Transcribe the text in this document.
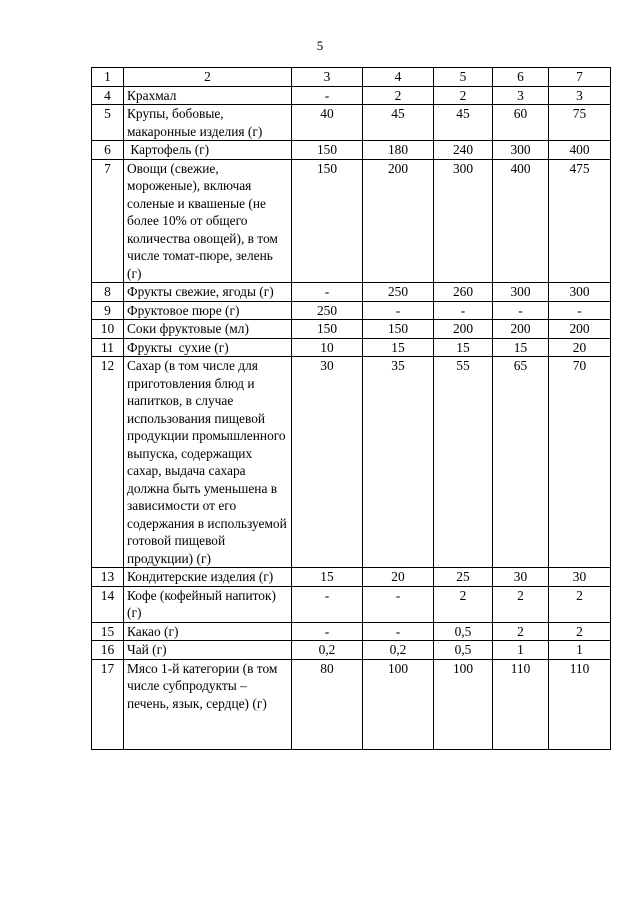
5
1	2	3	4	5	6	7
4	Крахмал	-	2	2	3	3
5	Крупы, бобовые, макаронные изделия (г)	40	45	45	60	75
6	Картофель (г)	150	180	240	300	400
7	Овощи (свежие, мороженые), включая соленые и квашеные (не более 10% от общего количества овощей), в том числе томат-пюре, зелень (г)	150	200	300	400	475
8	Фрукты свежие, ягоды (г)	-	250	260	300	300
9	Фруктовое пюре (г)	250	-	-	-	-
10	Соки фруктовые (мл)	150	150	200	200	200
11	Фрукты  сухие (г)	10	15	15	15	20
12	Сахар (в том числе для приготовления блюд и напитков, в случае использования пищевой продукции промышленного выпуска, содержащих сахар, выдача сахара должна быть уменьшена в зависимости от его содержания в используемой готовой пищевой продукции) (г)	30	35	55	65	70
13	Кондитерские изделия (г)	15	20	25	30	30
14	Кофе (кофейный напиток) (г)	-	-	2	2	2
15	Какао (г)	-	-	0,5	2	2
16	Чай (г)	0,2	0,2	0,5	1	1
17	Мясо 1-й категории (в том числе субпродукты – печень, язык, сердце) (г)	80	100	100	110	110
